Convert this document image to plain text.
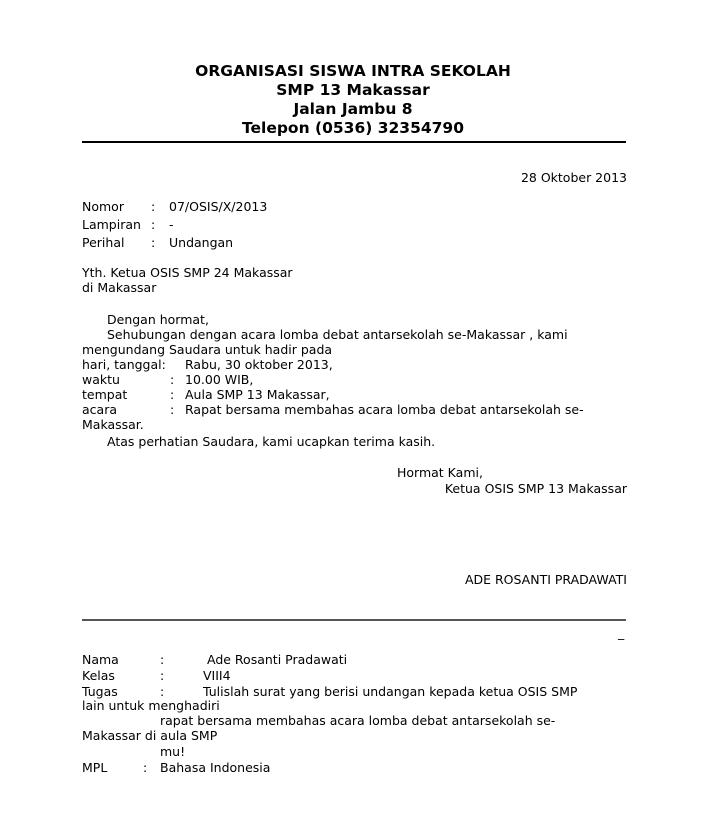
ORGANISASI SISWA INTRA SEKOLAH
SMP 13 Makassar
Jalan Jambu 8
Telepon (0536) 32354790
28 Oktober 2013
Nomor : 07/OSIS/X/2013
Lampiran : -
Perihal : Undangan
Yth. Ketua OSIS SMP 24 Makassar
di Makassar
Dengan hormat,
Sehubungan dengan acara lomba debat antarsekolah se-Makassar , kami
mengundang Saudara untuk hadir pada
hari, tanggal: Rabu, 30 oktober 2013,
waktu	: 10.00 WIB,
tempat	: Aula SMP 13 Makassar,
acara	: Rapat bersama membahas acara lomba debat antarsekolah se-
Makassar.
Atas perhatian Saudara, kami ucapkan terima kasih.
Hormat Kami,
Ketua OSIS SMP 13 Makassar
ADE ROSANTI PRADAWATI
_
Nama	:	Ade Rosanti Pradawati
Kelas	:	VIII4
Tugas	:	Tulislah surat yang berisi undangan kepada ketua OSIS SMP
lain untuk menghadiri
rapat bersama membahas acara lomba debat antarsekolah se-
Makassar di aula SMP
mu!
MPL	: Bahasa Indonesia
